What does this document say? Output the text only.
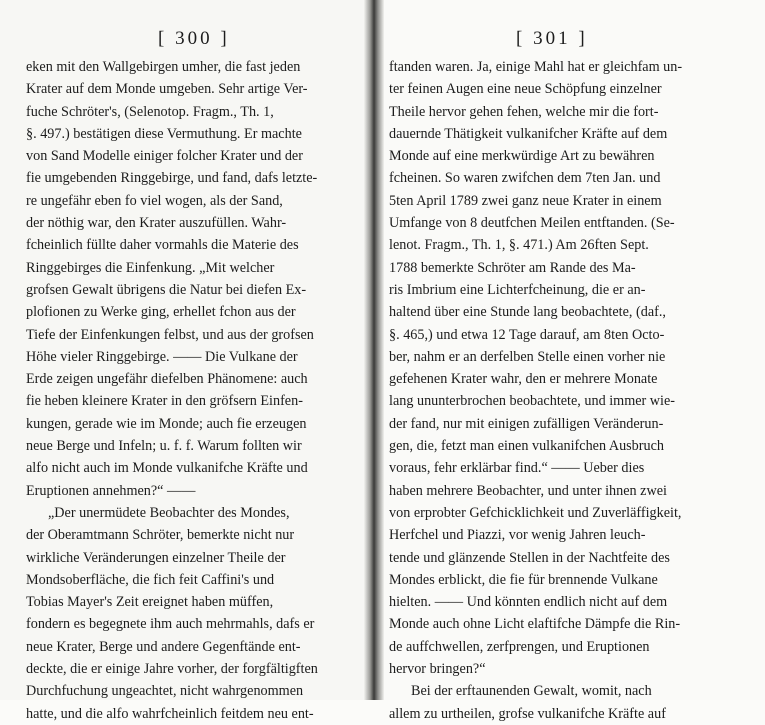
[ 300 ]
eken mit den Wallgebirgen umher, die fast jeden
Krater auf dem Monde umgeben. Sehr artige Ver-
fuche Schröter's, (Selenotop. Fragm., Th. 1,
§. 497.) bestätigen diese Vermuthung. Er machte
von Sand Modelle einiger folcher Krater und der
fie umgebenden Ringgebirge, und fand, dafs letzte-
re ungefähr eben fo viel wogen, als der Sand,
der nöthig war, den Krater auszufüllen. Wahr-
fcheinlich füllte daher vormahls die Materie des
Ringgebirges die Einfenkung. „Mit welcher
grofsen Gewalt übrigens die Natur bei diefen Ex-
plofionen zu Werke ging, erhellet fchon aus der
Tiefe der Einfenkungen felbst, und aus der grofsen
Höhe vieler Ringgebirge. —— Die Vulkane der
Erde zeigen ungefähr diefelben Phänomene: auch
fie heben kleinere Krater in den gröfsern Einfen-
kungen, gerade wie im Monde; auch fie erzeugen
neue Berge und Infeln; u. f. f. Warum follten wir
alfo nicht auch im Monde vulkanifche Kräfte und
Eruptionen annehmen?“ ——
„Der unermüdete Beobachter des Mondes,
der Oberamtmann Schröter, bemerkte nicht nur
wirkliche Veränderungen einzelner Theile der
Mondsoberfläche, die fich feit Caffini's und
Tobias Mayer's Zeit ereignet haben müffen,
fondern es begegnete ihm auch mehrmahls, dafs er
neue Krater, Berge und andere Gegenftände ent-
deckte, die er einige Jahre vorher, der forgfältigften
Durchfuchung ungeachtet, nicht wahrgenommen
hatte, und die alfo wahrfcheinlich feitdem neu ent-
[ 301 ]
ftanden waren. Ja, einige Mahl hat er gleichfam un-
ter feinen Augen eine neue Schöpfung einzelner
Theile hervor gehen fehen, welche mir die fort-
dauernde Thätigkeit vulkanifcher Kräfte auf dem
Monde auf eine merkwürdige Art zu bewähren
fcheinen. So waren zwifchen dem 7ten Jan. und
5ten April 1789 zwei ganz neue Krater in einem
Umfange von 8 deutfchen Meilen entftanden. (Se-
lenot. Fragm., Th. 1, §. 471.) Am 26ften Sept.
1788 bemerkte Schröter am Rande des Ma-
ris Imbrium eine Lichterfcheinung, die er an-
haltend über eine Stunde lang beobachtete, (daf.,
§. 465,) und etwa 12 Tage darauf, am 8ten Octo-
ber, nahm er an derfelben Stelle einen vorher nie
gefehenen Krater wahr, den er mehrere Monate
lang ununterbrochen beobachtete, und immer wie-
der fand, nur mit einigen zufälligen Veränderun-
gen, die, fetzt man einen vulkanifchen Ausbruch
voraus, fehr erklärbar find.“ —— Ueber dies
haben mehrere Beobachter, und unter ihnen zwei
von erprobter Gefchicklichkeit und Zuverläffigkeit,
Herfchel und Piazzi, vor wenig Jahren leuch-
tende und glänzende Stellen in der Nachtfeite des
Mondes erblickt, die fie für brennende Vulkane
hielten. —— Und könnten endlich nicht auf dem
Monde auch ohne Licht elaftifche Dämpfe die Rin-
de auffchwellen, zerfprengen, und Eruptionen
hervor bringen?“
Bei der erftaunenden Gewalt, womit, nach
allem zu urtheilen, grofse vulkanifche Kräfte auf
